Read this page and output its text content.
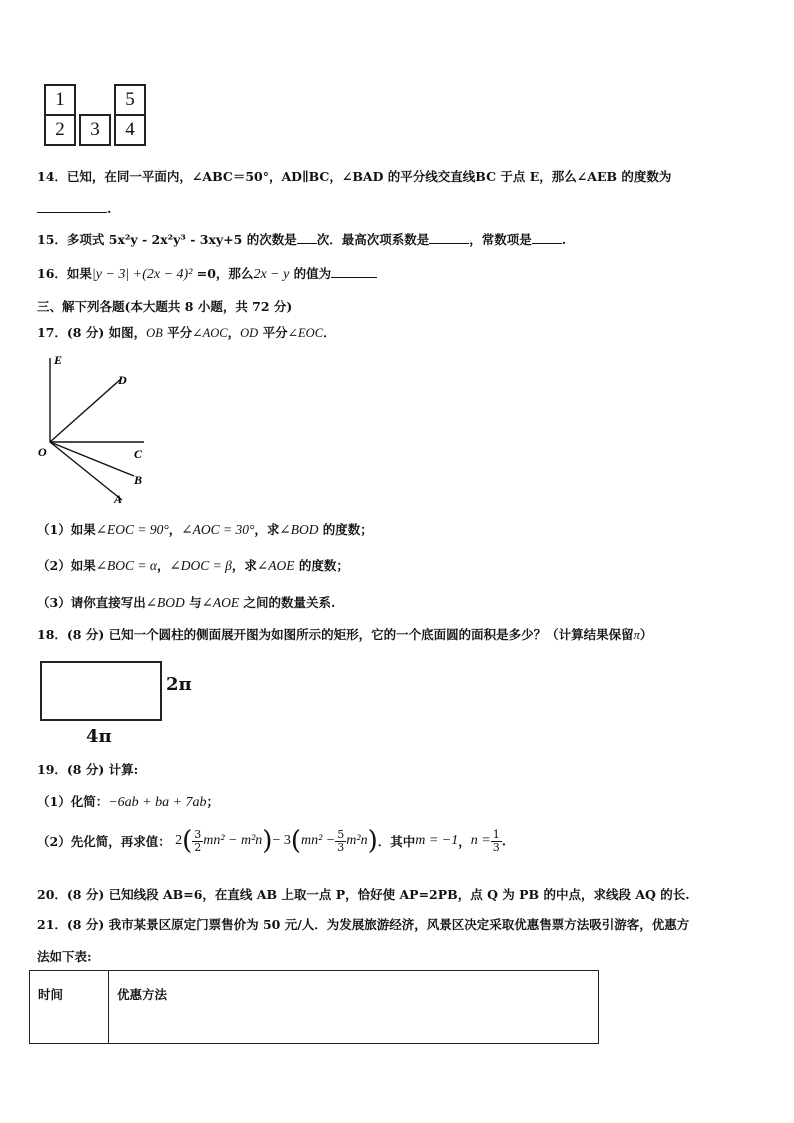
1	5
2	3	4
14．已知，在同一平面内，∠ABC＝50°，AD∥BC，∠BAD 的平分线交直线BC 于点 E，那么∠AEB 的度数为
.
15．多项式 5x²y - 2x²y³ - 3xy+5 的次数是 次．最高次项系数是	，常数项是 .
16．如果|y − 3| +(2x − 4)² =0，那么2x − y 的值为
三、解下列各题(本大题共 8 小题，共 72 分)
17．(8 分) 如图，OB 平分∠AOC，OD 平分∠EOC．
E
D
O	C
B
A
（1）如果∠EOC = 90°，∠AOC = 30°，求∠BOD 的度数；
（2）如果∠BOC = α，∠DOC = β，求∠AOE 的度数；
（3）请你直接写出∠BOD 与∠AOE 之间的数量关系.
18．(8 分) 已知一个圆柱的侧面展开图为如图所示的矩形，它的一个底面圆的面积是多少？（计算结果保留π）
2π
4π
19．(8 分) 计算:
（1）化简：−6ab + ba + 7ab；
（2）先化简，再求值： $2( \frac{3}{2} mn^2 - m^2n)- 3(mn^2 - \frac{5}{3} m^2n)$．其中m = −1，$n = \frac{1}{3}$ .
20．(8 分) 已知线段 AB=6，在直线 AB 上取一点 P，恰好使 AP=2PB，点 Q 为 PB 的中点，求线段 AQ 的长.
21．(8 分) 我市某景区原定门票售价为 50 元/人．为发展旅游经济，风景区决定采取优惠售票方法吸引游客，优惠方
法如下表:
时间	优惠方法
